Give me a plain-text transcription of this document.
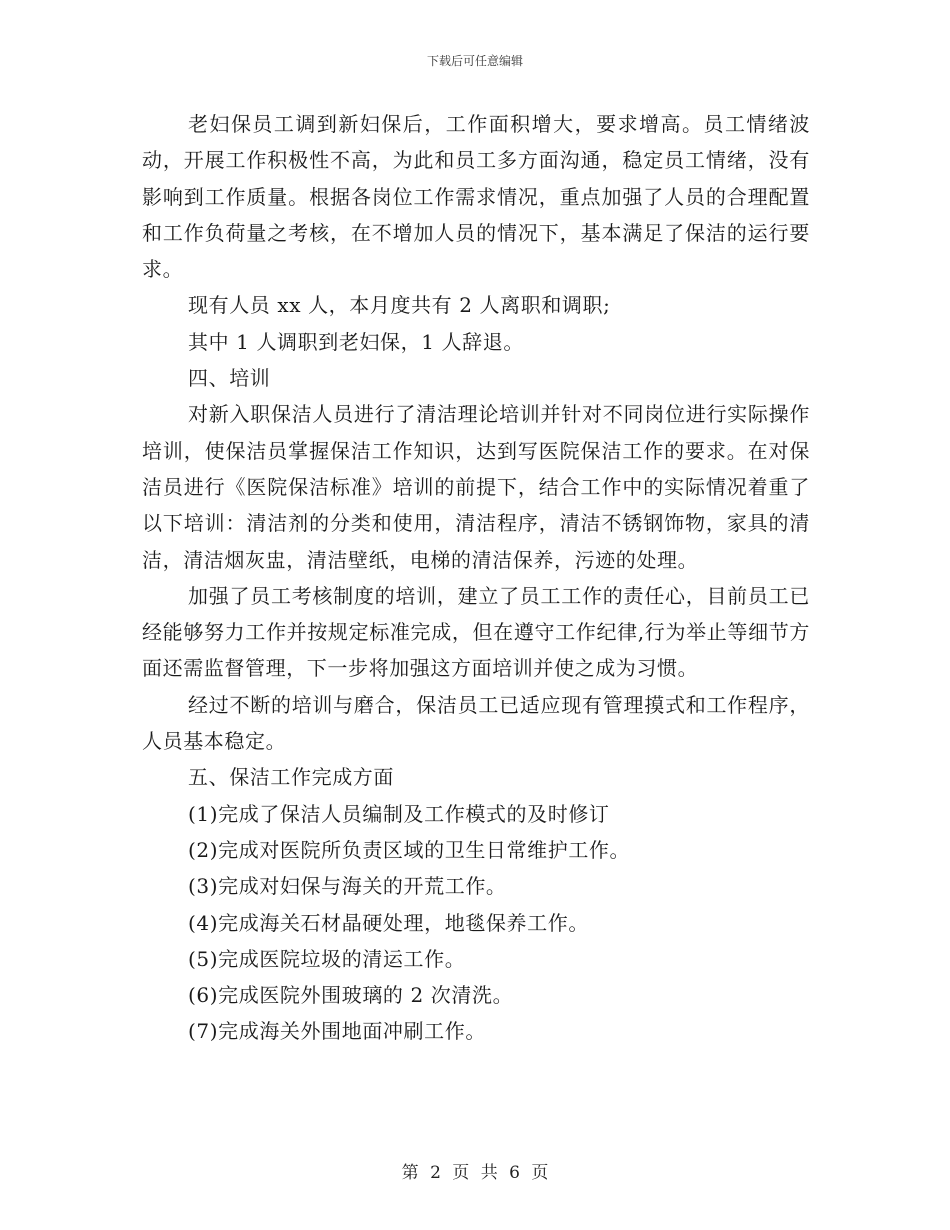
下载后可任意编辑

老妇保员工调到新妇保后，工作面积增大，要求增高。员工情绪波动，开展工作积极性不高，为此和员工多方面沟通，稳定员工情绪，没有影响到工作质量。根据各岗位工作需求情况，重点加强了人员的合理配置和工作负荷量之考核，在不增加人员的情况下，基本满足了保洁的运行要求。

现有人员 xx 人，本月度共有 2 人离职和调职;

其中 1 人调职到老妇保，1 人辞退。

四、培训

对新入职保洁人员进行了清洁理论培训并针对不同岗位进行实际操作培训，使保洁员掌握保洁工作知识，达到写医院保洁工作的要求。在对保洁员进行《医院保洁标准》培训的前提下，结合工作中的实际情况着重了以下培训：清洁剂的分类和使用，清洁程序，清洁不锈钢饰物，家具的清洁，清洁烟灰盅，清洁壁纸，电梯的清洁保养，污迹的处理。

加强了员工考核制度的培训，建立了员工工作的责任心，目前员工已经能够努力工作并按规定标准完成，但在遵守工作纪律,行为举止等细节方面还需监督管理，下一步将加强这方面培训并使之成为习惯。

经过不断的培训与磨合，保洁员工已适应现有管理摸式和工作程序，人员基本稳定。

五、保洁工作完成方面

(1)完成了保洁人员编制及工作模式的及时修订

(2)完成对医院所负责区域的卫生日常维护工作。

(3)完成对妇保与海关的开荒工作。

(4)完成海关石材晶硬处理，地毯保养工作。

(5)完成医院垃圾的清运工作。

(6)完成医院外围玻璃的 2 次清洗。

(7)完成海关外围地面冲刷工作。

第 2 页 共 6 页
